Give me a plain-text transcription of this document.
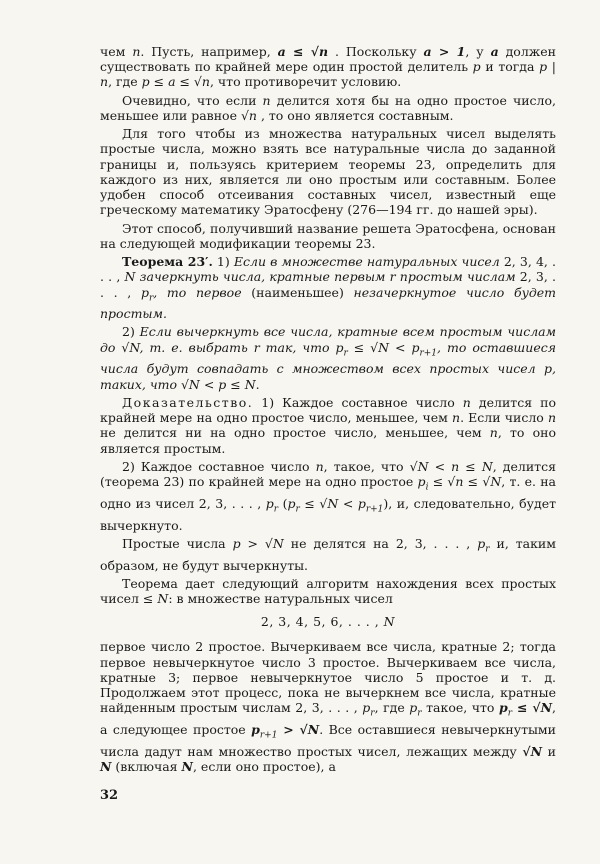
чем n. Пусть, например, a ≤ √n . Поскольку a > 1, у a должен существовать по крайней мере один простой делитель p и тогда p | n, где p ≤ a ≤ √n, что противоречит условию.

Очевидно, что если n делится хотя бы на одно простое число, меньшее или равное √n , то оно является составным.

Для того чтобы из множества натуральных чисел выделять простые числа, можно взять все натуральные числа до заданной границы и, пользуясь критерием теоремы 23, определить для каждого из них, является ли оно простым или составным. Более удобен способ отсеивания составных чисел, известный еще греческому математику Эратосфену (276—194 гг. до нашей эры).

Этот способ, получивший название решета Эратосфена, основан на следующей модификации теоремы 23.

Теорема 23′. 1) Если в множестве натуральных чисел 2, 3, 4, . . . , N зачеркнуть числа, кратные первым r простым числам 2, 3, . . . , $p_r$, то первое (наименьшее) незачеркнутое число будет простым.

2) Если вычеркнуть все числа, кратные всем простым числам до √N, т. е. выбрать r так, что $p_r \le √N < p_{r+1}$, то оставшиеся числа будут совпадать с множеством всех простых чисел p, таких, что √N < p ≤ N.

Доказательство. 1) Каждое составное число n делится по крайней мере на одно простое число, меньшее, чем n. Если число n не делится ни на одно простое число, меньшее, чем n, то оно является простым.

2) Каждое составное число n, такое, что √N < n ≤ N, делится (теорема 23) по крайней мере на одно простое $p_i \le √n \le √N$, т. е. на одно из чисел 2, 3, . . . , $p_r$ $(p_r \le √N < p_{r+1})$, и, следовательно, будет вычеркнуто.

Простые числа p > √N не делятся на 2, 3, . . . , $p_r$ и, таким образом, не будут вычеркнуты.

Теорема дает следующий алгоритм нахождения всех простых чисел ≤ N: в множестве натуральных чисел

2, 3, 4, 5, 6, . . . , N

первое число 2 простое. Вычеркиваем все числа, кратные 2; тогда первое невычеркнутое число 3 простое. Вычеркиваем все числа, кратные 3; первое невычеркнутое число 5 простое и т. д. Продолжаем этот процесс, пока не вычеркнем все числа, кратные найденным простым числам 2, 3, . . . , $p_r$, где $p_r$ такое, что $p_r \le √N$, а следующее простое $p_{r+1} > √N$. Все оставшиеся невычеркнутыми числа дадут нам множество простых чисел, лежащих между √N и N (включая N, если оно простое), а

32
